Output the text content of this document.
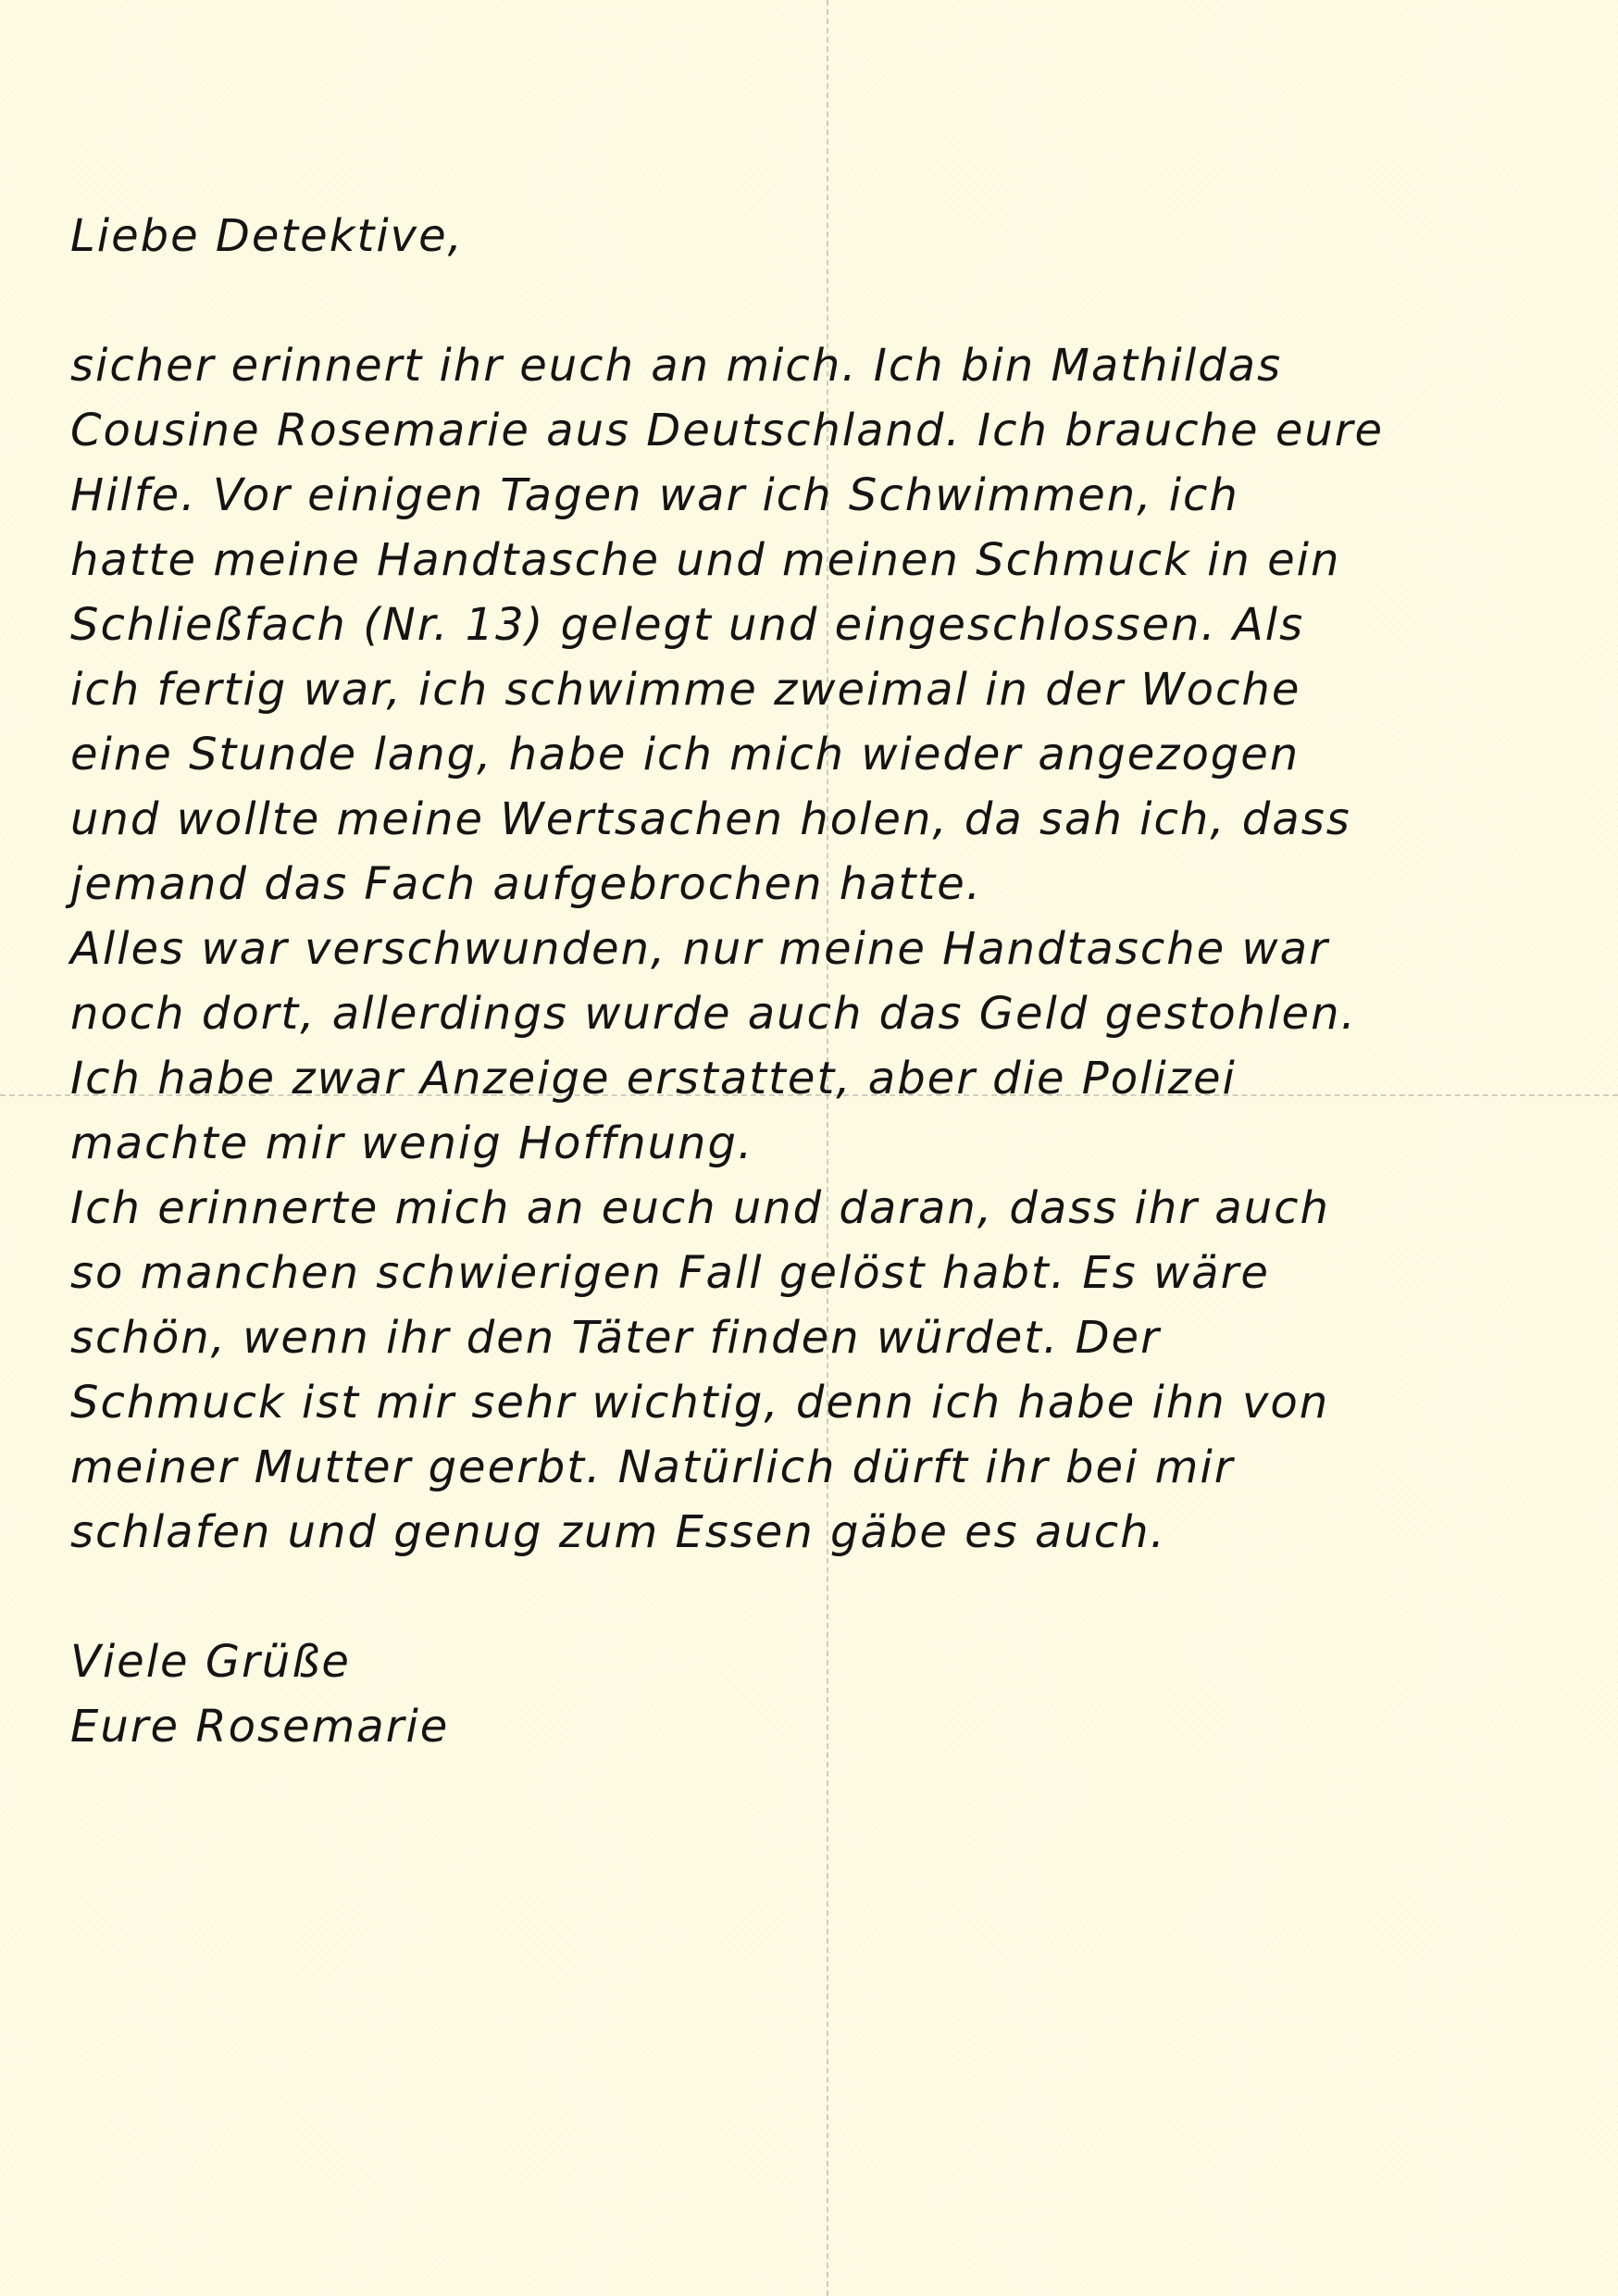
Liebe Detektive,
sicher erinnert ihr euch an mich. Ich bin Mathildas
Cousine Rosemarie aus Deutschland. Ich brauche eure
Hilfe. Vor einigen Tagen war ich Schwimmen, ich
hatte meine Handtasche und meinen Schmuck in ein
Schließfach (Nr. 13) gelegt und eingeschlossen. Als
ich fertig war, ich schwimme zweimal in der Woche
eine Stunde lang, habe ich mich wieder angezogen
und wollte meine Wertsachen holen, da sah ich, dass
jemand das Fach aufgebrochen hatte.
Alles war verschwunden, nur meine Handtasche war
noch dort, allerdings wurde auch das Geld gestohlen.
Ich habe zwar Anzeige erstattet, aber die Polizei
machte mir wenig Hoffnung.
Ich erinnerte mich an euch und daran, dass ihr auch
so manchen schwierigen Fall gelöst habt. Es wäre
schön, wenn ihr den Täter finden würdet. Der
Schmuck ist mir sehr wichtig, denn ich habe ihn von
meiner Mutter geerbt. Natürlich dürft ihr bei mir
schlafen und genug zum Essen gäbe es auch.
Viele Grüße
Eure Rosemarie
